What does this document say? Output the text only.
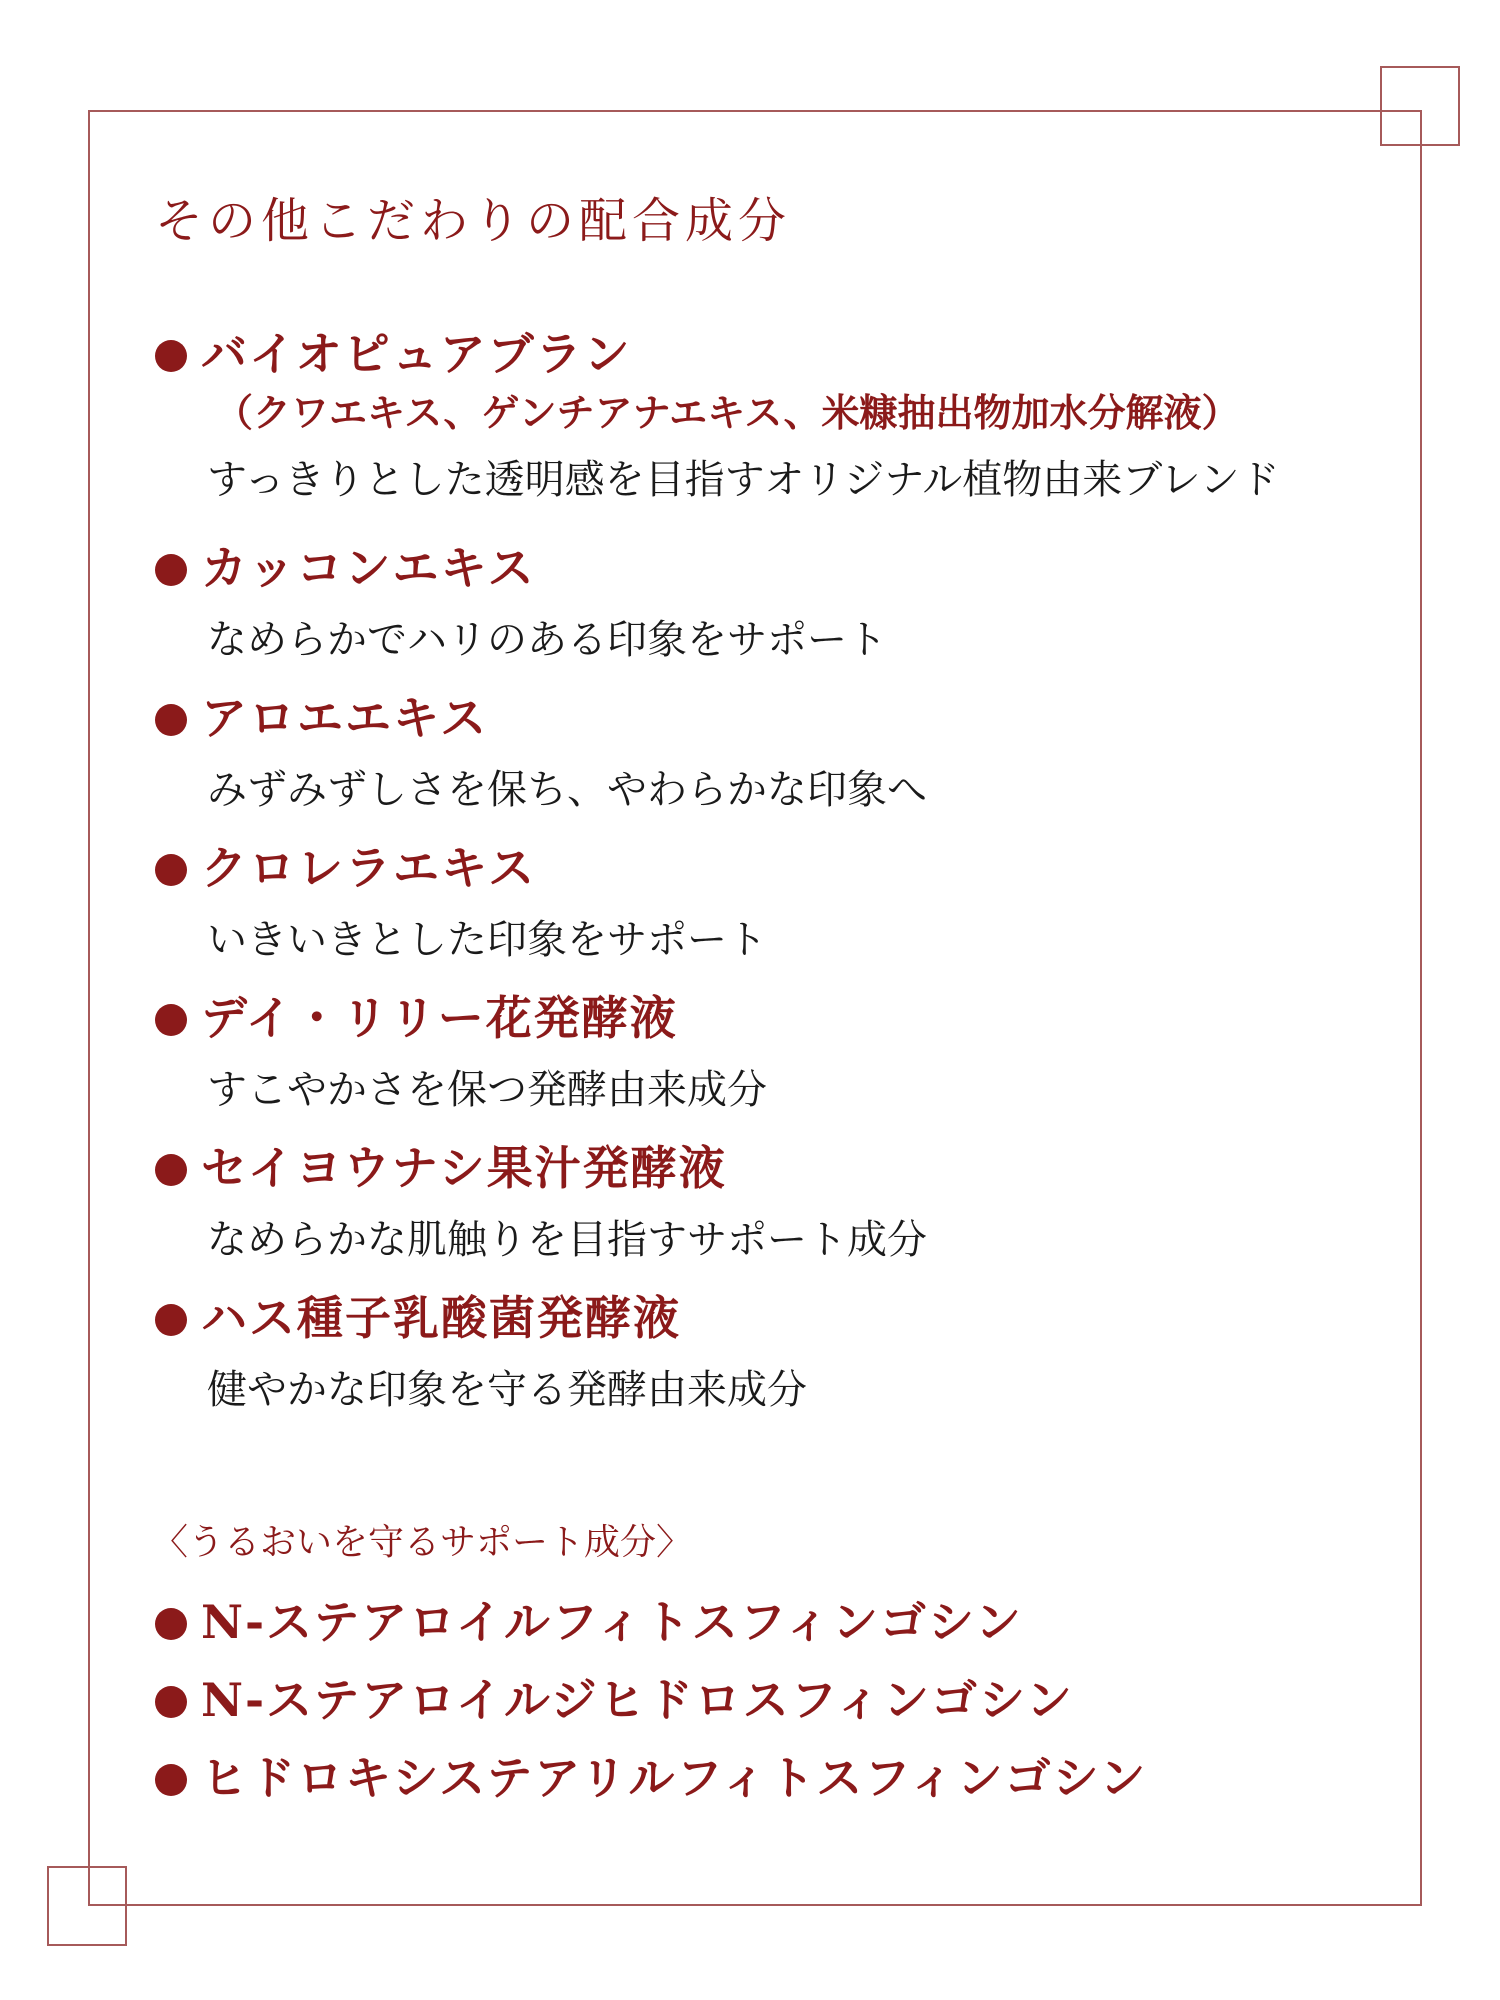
その他こだわりの配合成分
バイオピュアブラン
（クワエキス、ゲンチアナエキス、米糠抽出物加水分解液）
すっきりとした透明感を目指すオリジナル植物由来ブレンド
カッコンエキス
なめらかでハリのある印象をサポート
アロエエキス
みずみずしさを保ち、やわらかな印象へ
クロレラエキス
いきいきとした印象をサポート
デイ・リリー花発酵液
すこやかさを保つ発酵由来成分
セイヨウナシ果汁発酵液
なめらかな肌触りを目指すサポート成分
ハス種子乳酸菌発酵液
健やかな印象を守る発酵由来成分
〈うるおいを守るサポート成分〉
N-ステアロイルフィトスフィンゴシン
N-ステアロイルジヒドロスフィンゴシン
ヒドロキシステアリルフィトスフィンゴシン
